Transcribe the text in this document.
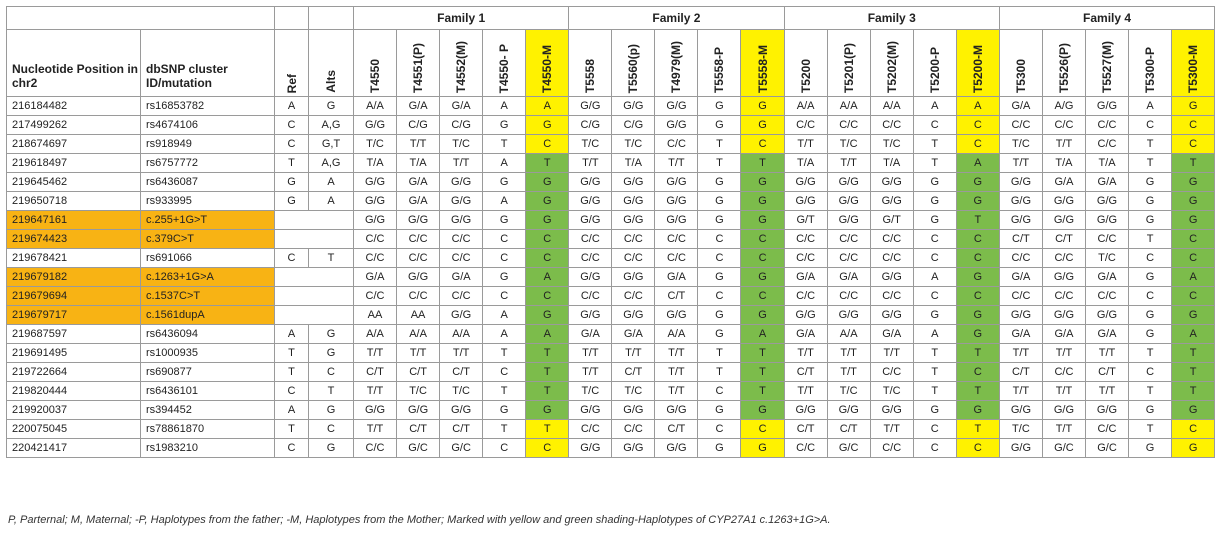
				Family 1					Family 2					Family 3					Family 4				
Nucleotide Position in chr2	dbSNP cluster ID/mutation	Ref	Alts	T4550	T4551(P)	T4552(M)	T4550- P	T4550-M	T5558	T5560(p)	T4979(M)	T5558-P	T5558-M	T5200	T5201(P)	T5202(M)	T5200-P	T5200-M	T5300	T5526(P)	T5527(M)	T5300-P	T5300-M

216184482	rs16853782	A	G	A/A	G/A	G/A	A	A	G/G	G/G	G/G	G	G	A/A	A/A	A/A	A	A	G/A	A/G	G/G	A	G
217499262	rs4674106	C	A,G	G/G	C/G	C/G	G	G	C/G	C/G	G/G	G	G	C/C	C/C	C/C	C	C	C/C	C/C	C/C	C	C
218674697	rs918949	C	G,T	T/C	T/T	T/C	T	C	T/C	T/C	C/C	T	C	T/T	T/C	T/C	T	C	T/C	T/T	C/C	T	C
219618497	rs6757772	T	A,G	T/A	T/A	T/T	A	T	T/T	T/A	T/T	T	T	T/A	T/T	T/A	T	A	T/T	T/A	T/A	T	T
219645462	rs6436087	G	A	G/G	G/A	G/G	G	G	G/G	G/G	G/G	G	G	G/G	G/G	G/G	G	G	G/G	G/A	G/A	G	G
219650718	rs933995	G	A	G/G	G/A	G/G	A	G	G/G	G/G	G/G	G	G	G/G	G/G	G/G	G	G	G/G	G/G	G/G	G	G
219647161	c.255+1G>T			G/G	G/G	G/G	G	G	G/G	G/G	G/G	G	G	G/T	G/G	G/T	G	T	G/G	G/G	G/G	G	G
219674423	c.379C>T			C/C	C/C	C/C	C	C	C/C	C/C	C/C	C	C	C/C	C/C	C/C	C	C	C/T	C/T	C/C	T	C
219678421	rs691066	C	T	C/C	C/C	C/C	C	C	C/C	C/C	C/C	C	C	C/C	C/C	C/C	C	C	C/C	C/C	T/C	C	C
219679182	c.1263+1G>A			G/A	G/G	G/A	G	A	G/G	G/G	G/A	G	G	G/A	G/A	G/G	A	G	G/A	G/G	G/A	G	A
219679694	c.1537C>T			C/C	C/C	C/C	C	C	C/C	C/C	C/T	C	C	C/C	C/C	C/C	C	C	C/C	C/C	C/C	C	C
219679717	c.1561dupA			AA	AA	G/G	A	G	G/G	G/G	G/G	G	G	G/G	G/G	G/G	G	G	G/G	G/G	G/G	G	G
219687597	rs6436094	A	G	A/A	A/A	A/A	A	A	G/A	G/A	A/A	G	A	G/A	A/A	G/A	A	G	G/A	G/A	G/A	G	A
219691495	rs1000935	T	G	T/T	T/T	T/T	T	T	T/T	T/T	T/T	T	T	T/T	T/T	T/T	T	T	T/T	T/T	T/T	T	T
219722664	rs690877	T	C	C/T	C/T	C/T	C	T	T/T	C/T	T/T	T	T	C/T	T/T	C/C	T	C	C/T	C/C	C/T	C	T
219820444	rs6436101	C	T	T/T	T/C	T/C	T	T	T/C	T/C	T/T	C	T	T/T	T/C	T/C	T	T	T/T	T/T	T/T	T	T
219920037	rs394452	A	G	G/G	G/G	G/G	G	G	G/G	G/G	G/G	G	G	G/G	G/G	G/G	G	G	G/G	G/G	G/G	G	G
220075045	rs78861870	T	C	T/T	C/T	C/T	T	T	C/C	C/C	C/T	C	C	C/T	C/T	T/T	C	T	T/C	T/T	C/C	T	C
220421417	rs1983210	C	G	C/C	G/C	G/C	C	C	G/G	G/G	G/G	G	G	C/C	G/C	C/C	C	C	G/G	G/C	G/C	G	G
P, Parternal; M, Maternal; -P, Haplotypes from the father; -M, Haplotypes from the Mother; Marked with yellow and green shading-Haplotypes of CYP27A1 c.1263+1G>A.
